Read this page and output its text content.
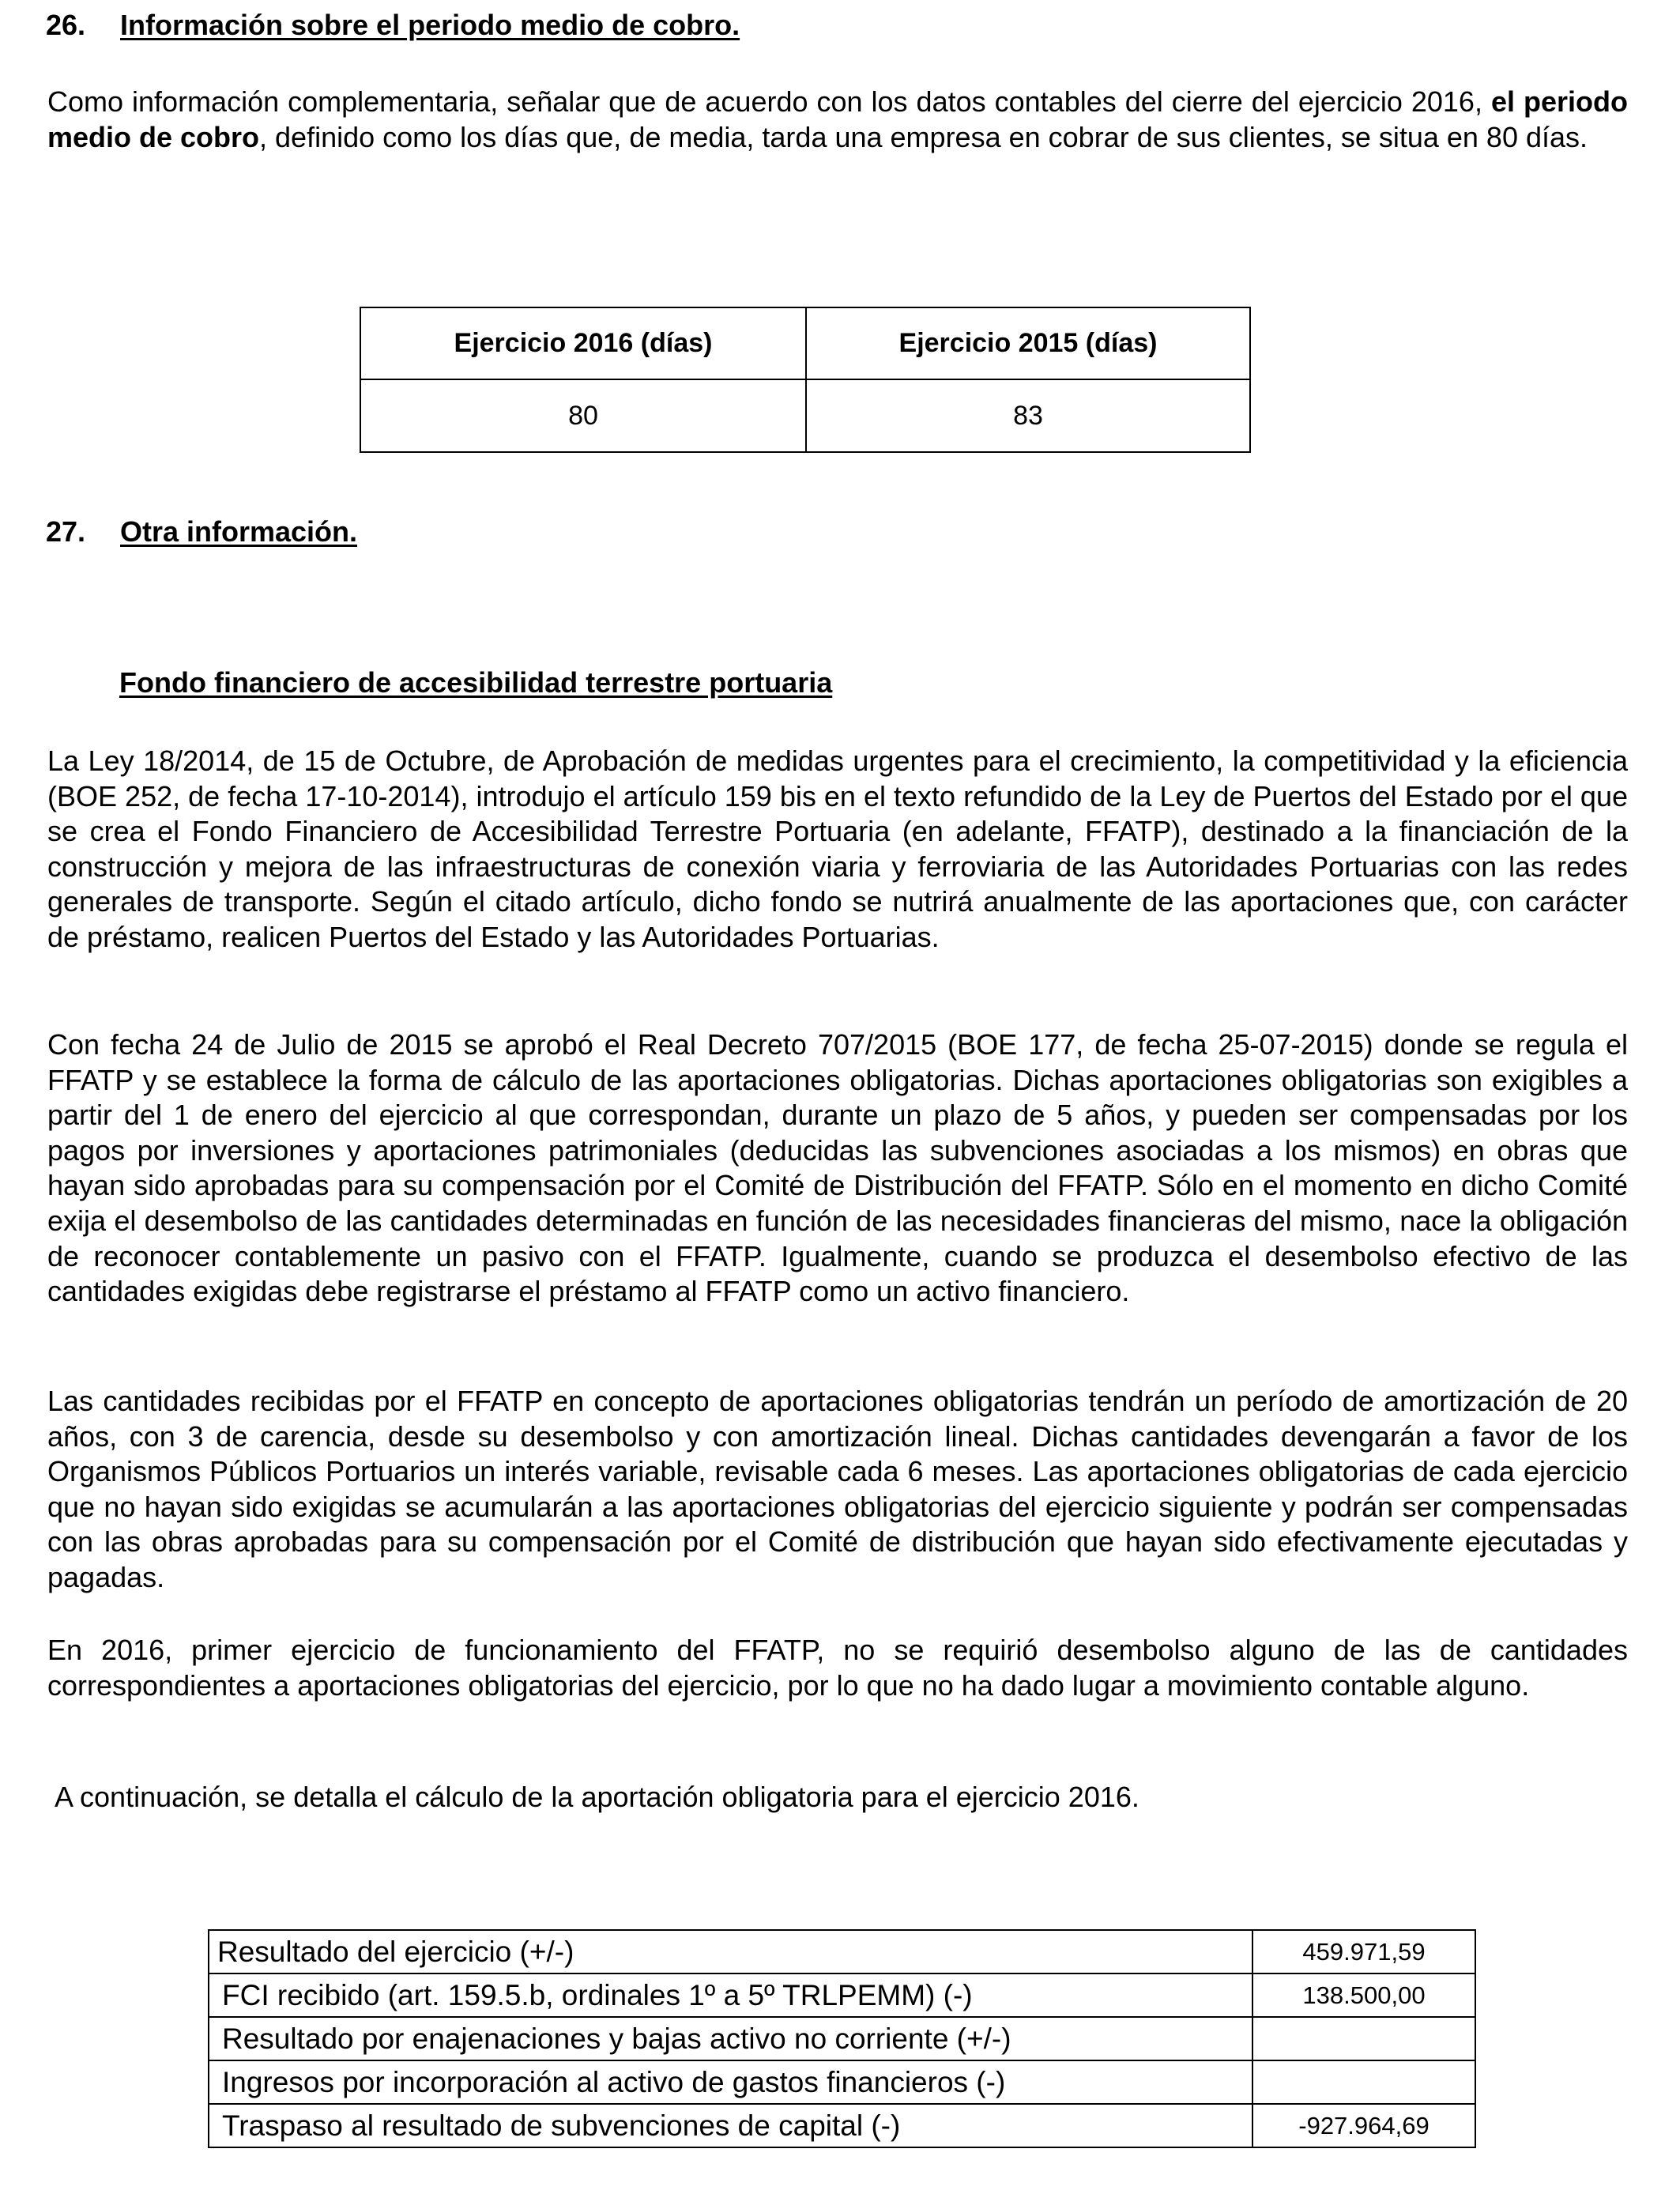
26. Información sobre el periodo medio de cobro.
Como información complementaria, señalar que de acuerdo con los datos contables del cierre del ejercicio 2016, el periodo medio de cobro, definido como los días que, de media, tarda una empresa en cobrar de sus clientes, se situa en 80 días.
Ejercicio 2016 (días)	Ejercicio 2015 (días)
80	83
27. Otra información.
Fondo financiero de accesibilidad terrestre portuaria
La Ley 18/2014, de 15 de Octubre, de Aprobación de medidas urgentes para el crecimiento, la competitividad y la eficiencia (BOE 252, de fecha 17-10-2014), introdujo el artículo 159 bis en el texto refundido de la Ley de Puertos del Estado por el que se crea el Fondo Financiero de Accesibilidad Terrestre Portuaria (en adelante, FFATP), destinado a la financiación de la construcción y mejora de las infraestructuras de conexión viaria y ferroviaria de las Autoridades Portuarias con las redes generales de transporte. Según el citado artículo, dicho fondo se nutrirá anualmente de las aportaciones que, con carácter de préstamo, realicen Puertos del Estado y las Autoridades Portuarias.
Con fecha 24 de Julio de 2015 se aprobó el Real Decreto 707/2015 (BOE 177, de fecha 25-07-2015) donde se regula el FFATP y se establece la forma de cálculo de las aportaciones obligatorias. Dichas aportaciones obligatorias son exigibles a partir del 1 de enero del ejercicio al que correspondan, durante un plazo de 5 años, y pueden ser compensadas por los pagos por inversiones y aportaciones patrimoniales (deducidas las subvenciones asociadas a los mismos) en obras que hayan sido aprobadas para su compensación por el Comité de Distribución del FFATP. Sólo en el momento en dicho Comité exija el desembolso de las cantidades determinadas en función de las necesidades financieras del mismo, nace la obligación de reconocer contablemente un pasivo con el FFATP. Igualmente, cuando se produzca el desembolso efectivo de las cantidades exigidas debe registrarse el préstamo al FFATP como un activo financiero.
Las cantidades recibidas por el FFATP en concepto de aportaciones obligatorias tendrán un período de amortización de 20 años, con 3 de carencia, desde su desembolso y con amortización lineal. Dichas cantidades devengarán a favor de los Organismos Públicos Portuarios un interés variable, revisable cada 6 meses. Las aportaciones obligatorias de cada ejercicio que no hayan sido exigidas se acumularán a las aportaciones obligatorias del ejercicio siguiente y podrán ser compensadas con las obras aprobadas para su compensación por el Comité de distribución que hayan sido efectivamente ejecutadas y pagadas.
En 2016, primer ejercicio de funcionamiento del FFATP, no se requirió desembolso alguno de las de cantidades correspondientes a aportaciones obligatorias del ejercicio, por lo que no ha dado lugar a movimiento contable alguno.
A continuación, se detalla el cálculo de la aportación obligatoria para el ejercicio 2016.
Resultado del ejercicio (+/-)	459.971,59
FCI recibido (art. 159.5.b, ordinales 1º a 5º TRLPEMM) (-)	138.500,00
Resultado por enajenaciones y bajas activo no corriente (+/-)	
Ingresos por incorporación al activo de gastos financieros (-)	
Traspaso al resultado de subvenciones de capital (-)	-927.964,69
